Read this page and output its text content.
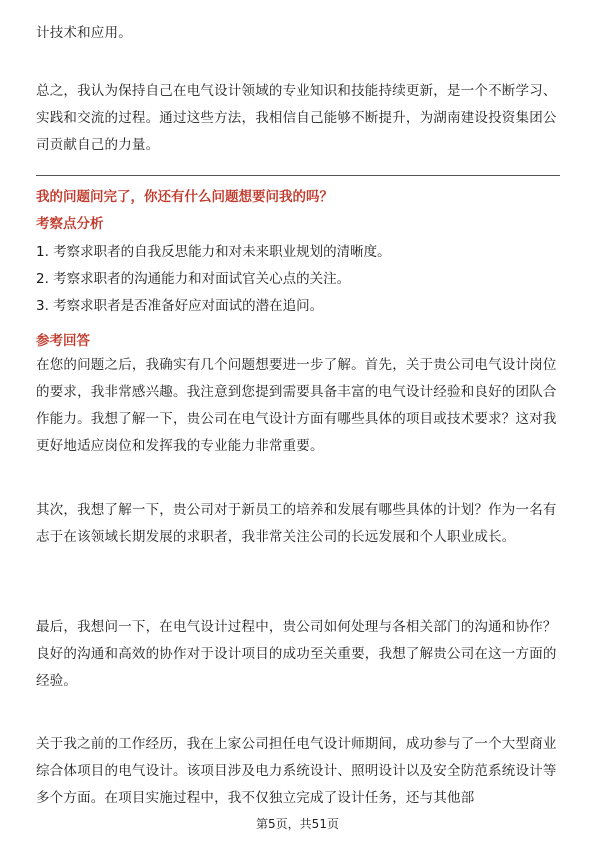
计技术和应用。

总之，我认为保持自己在电气设计领域的专业知识和技能持续更新，是一个不断学习、实践和交流的过程。通过这些方法，我相信自己能够不断提升，为湖南建设投资集团公司贡献自己的力量。

我的问题问完了，你还有什么问题想要问我的吗？

考察点分析

1. 考察求职者的自我反思能力和对未来职业规划的清晰度。

2. 考察求职者的沟通能力和对面试官关心点的关注。

3. 考察求职者是否准备好应对面试的潜在追问。

参考回答

在您的问题之后，我确实有几个问题想要进一步了解。首先，关于贵公司电气设计岗位的要求，我非常感兴趣。我注意到您提到需要具备丰富的电气设计经验和良好的团队合作能力。我想了解一下，贵公司在电气设计方面有哪些具体的项目或技术要求？这对我更好地适应岗位和发挥我的专业能力非常重要。

其次，我想了解一下，贵公司对于新员工的培养和发展有哪些具体的计划？作为一名有志于在该领域长期发展的求职者，我非常关注公司的长远发展和个人职业成长。

最后，我想问一下，在电气设计过程中，贵公司如何处理与各相关部门的沟通和协作？良好的沟通和高效的协作对于设计项目的成功至关重要，我想了解贵公司在这一方面的经验。

关于我之前的工作经历，我在上家公司担任电气设计师期间，成功参与了一个大型商业综合体项目的电气设计。该项目涉及电力系统设计、照明设计以及安全防范系统设计等多个方面。在项目实施过程中，我不仅独立完成了设计任务，还与其他部

第5页，共51页
